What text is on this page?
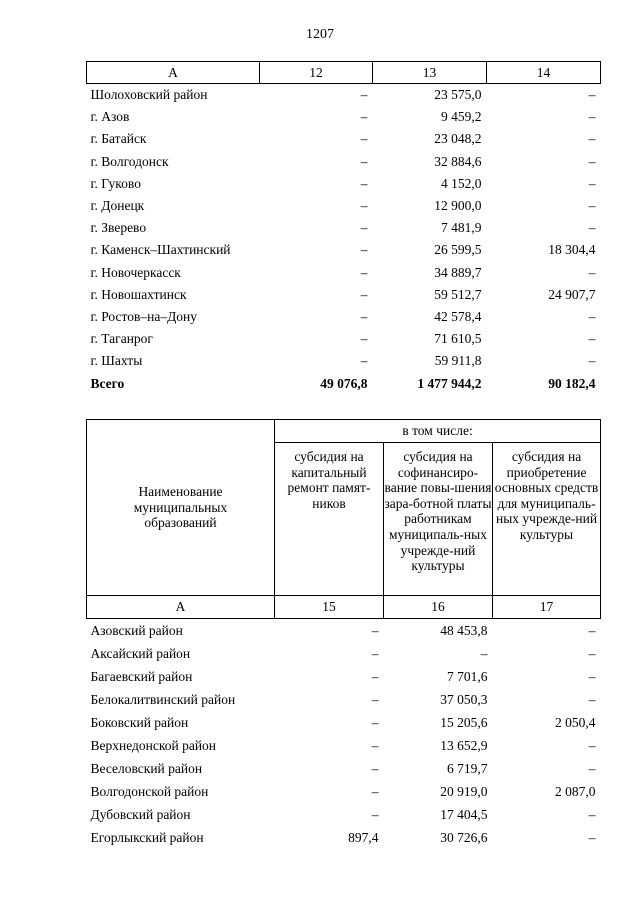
1207
А	12	13	14
Шолоховский район	–	23 575,0	–
г. Азов	–	9 459,2	–
г. Батайск	–	23 048,2	–
г. Волгодонск	–	32 884,6	–
г. Гуково	–	4 152,0	–
г. Донецк	–	12 900,0	–
г. Зверево	–	7 481,9	–
г. Каменск–Шахтинский	–	26 599,5	18 304,4
г. Новочеркасск	–	34 889,7	–
г. Новошахтинск	–	59 512,7	24 907,7
г. Ростов–на–Дону	–	42 578,4	–
г. Таганрог	–	71 610,5	–
г. Шахты	–	59 911,8	–
Всего	49 076,8	1 477 944,2	90 182,4
Наименование муниципальных образований	в том числе:		
	субсидия на капитальный ремонт памят-ников	субсидия на софинансиро-вание повы-шения зара-ботной платы работникам муниципаль-ных учрежде-ний культуры	субсидия на приобретение основных средств для муниципаль-ных учрежде-ний культуры
А	15	16	17
Азовский район	–	48 453,8	–
Аксайский район	–	–	–
Багаевский район	–	7 701,6	–
Белокалитвинский район	–	37 050,3	–
Боковский район	–	15 205,6	2 050,4
Верхнедонской район	–	13 652,9	–
Веселовский район	–	6 719,7	–
Волгодонской район	–	20 919,0	2 087,0
Дубовский район	–	17 404,5	–
Егорлыкский район	897,4	30 726,6	–
